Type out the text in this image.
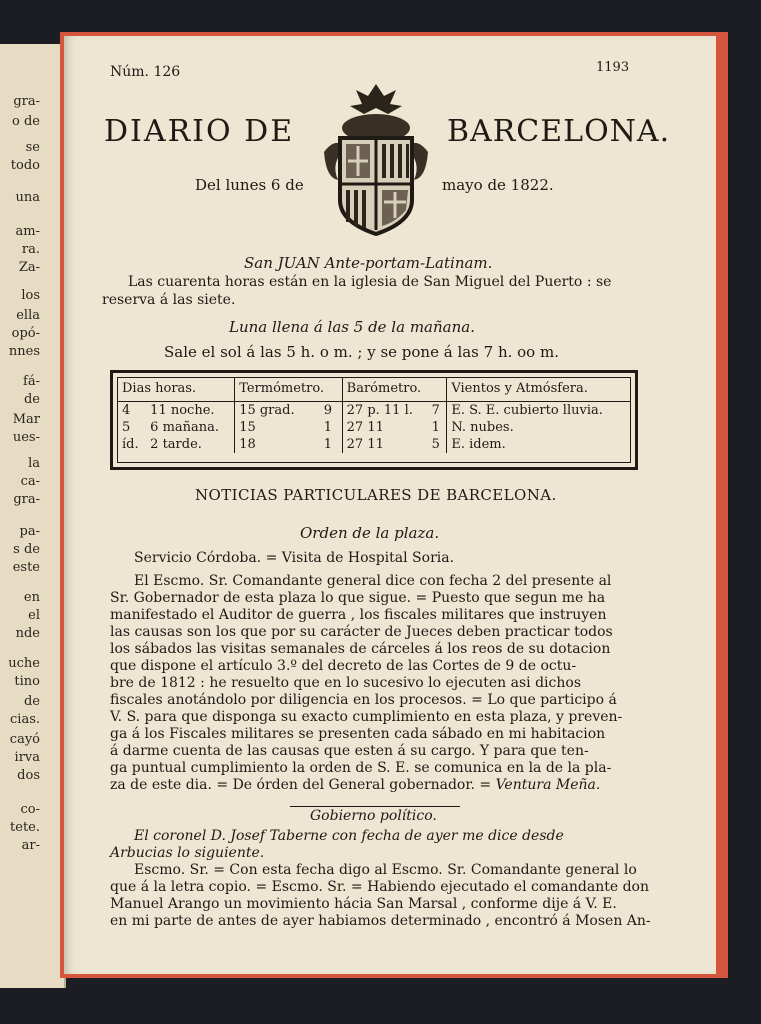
gra-
o de
se
todo
una
am-
ra.
Za-
los
ella
opó-
nnes
fá-
de
Mar
ues-
la
ca-
gra-
pa-
s de
este
en
el
nde
uche
tino
de
cias.
cayó
irva
dos
co-
tete.
ar-
Núm. 126	1193
DIARIO DE	BARCELONA.
Del lunes 6 de	mayo de 1822.
San JUAN Ante-portam-Latinam.
Las cuarenta horas están en la iglesia de San Miguel del Puerto : se
reserva á las siete.
Luna llena á las 5 de la mañana.
Sale el sol á las 5 h. o m. ; y se pone á las 7 h. oo m.
Dias horas.		Termómetro.		Barómetro.		Vientos y Atmósfera.
4	11 noche.	15 grad.	9	27 p. 11 l.	7	E. S. E. cubierto lluvia.
5	6 mañana.	15	1	27 11	1	N. nubes.
íd.	2 tarde.	18	1	27 11	5	E. idem.
NOTICIAS PARTICULARES DE BARCELONA.
Orden de la plaza.
Servicio Córdoba. = Visita de Hospital Soria.
El Escmo. Sr. Comandante general dice con fecha 2 del presente al
Sr. Gobernador de esta plaza lo que sigue. = Puesto que segun me ha
manifestado el Auditor de guerra , los fiscales militares que instruyen
las causas son los que por su carácter de Jueces deben practicar todos
los sábados las visitas semanales de cárceles á los reos de su dotacion
que dispone el artículo 3.º del decreto de las Cortes de 9 de octu-
bre de 1812 : he resuelto que en lo sucesivo lo ejecuten asi dichos
fiscales anotándolo por diligencia en los procesos. = Lo que participo á
V. S. para que disponga su exacto cumplimiento en esta plaza, y preven-
ga á los Fiscales militares se presenten cada sábado en mi habitacion
á darme cuenta de las causas que esten á su cargo. Y para que ten-
ga puntual cumplimiento la orden de S. E. se comunica en la de la pla-
za de este dia. = De órden del General gobernador. = Ventura Meña.
Gobierno político.
El coronel D. Josef Taberne con fecha de ayer me dice desde
Arbucias lo siguiente.
Escmo. Sr. = Con esta fecha digo al Escmo. Sr. Comandante general lo
que á la letra copio. = Escmo. Sr. = Habiendo ejecutado el comandante don
Manuel Arango un movimiento hácia San Marsal , conforme dije á V. E.
en mi parte de antes de ayer habiamos determinado , encontró á Mosen An-
